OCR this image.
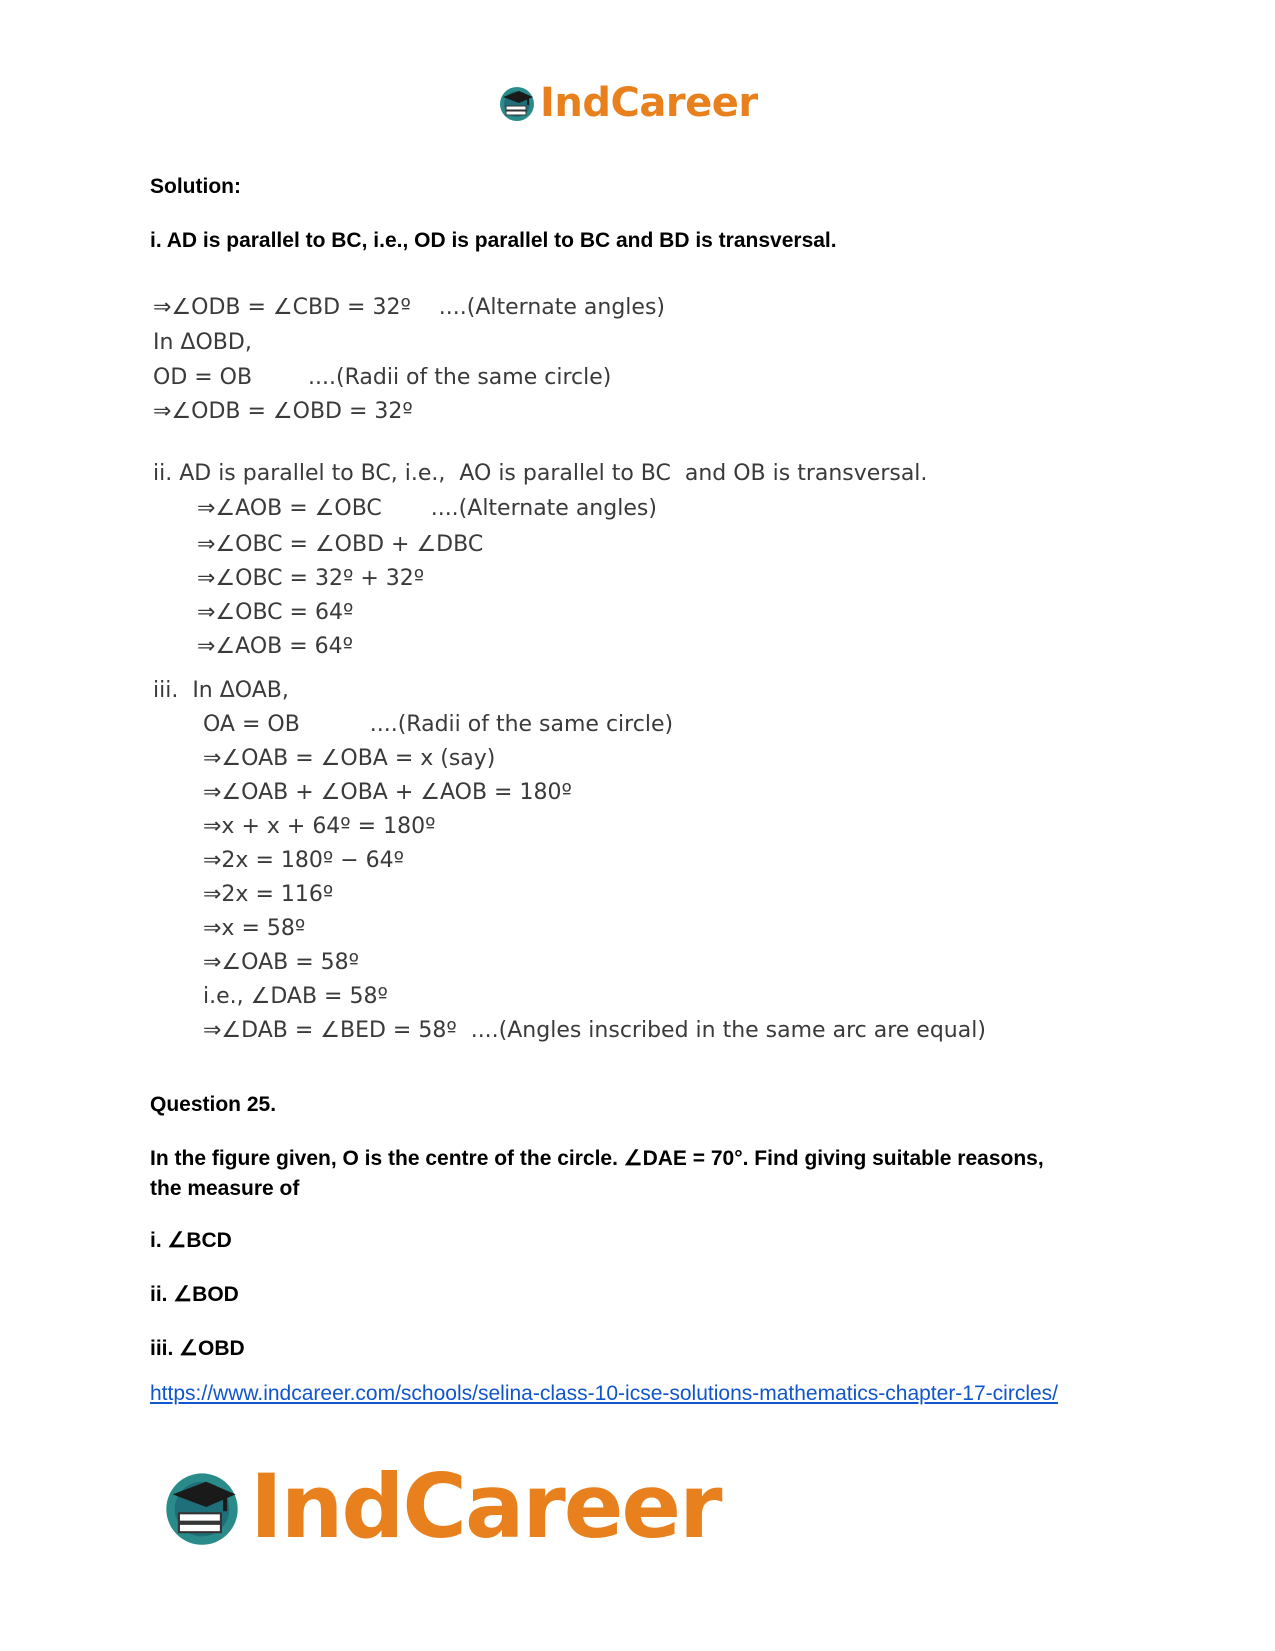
IndCareer
Solution:
i. AD is parallel to BC, i.e., OD is parallel to BC and BD is transversal.
⇒∠ODB = ∠CBD = 32º    ....(Alternate angles)
In ΔOBD,
OD = OB        ....(Radii of the same circle)
⇒∠ODB = ∠OBD = 32º
ii. AD is parallel to BC, i.e.,  AO is parallel to BC  and OB is transversal.
⇒∠AOB = ∠OBC       ....(Alternate angles)
⇒∠OBC = ∠OBD + ∠DBC
⇒∠OBC = 32º + 32º
⇒∠OBC = 64º
⇒∠AOB = 64º
iii.  In ΔOAB,
OA = OB          ....(Radii of the same circle)
⇒∠OAB = ∠OBA = x (say)
⇒∠OAB + ∠OBA + ∠AOB = 180º
⇒x + x + 64º = 180º
⇒2x = 180º − 64º
⇒2x = 116º
⇒x = 58º
⇒∠OAB = 58º
i.e., ∠DAB = 58º
⇒∠DAB = ∠BED = 58º  ....(Angles inscribed in the same arc are equal)
Question 25.
In the figure given, O is the centre of the circle. ∠DAE = 70°. Find giving suitable reasons, the measure of
i. ∠BCD
ii. ∠BOD
iii. ∠OBD
https://www.indcareer.com/schools/selina-class-10-icse-solutions-mathematics-chapter-17-circles/
IndCareer
